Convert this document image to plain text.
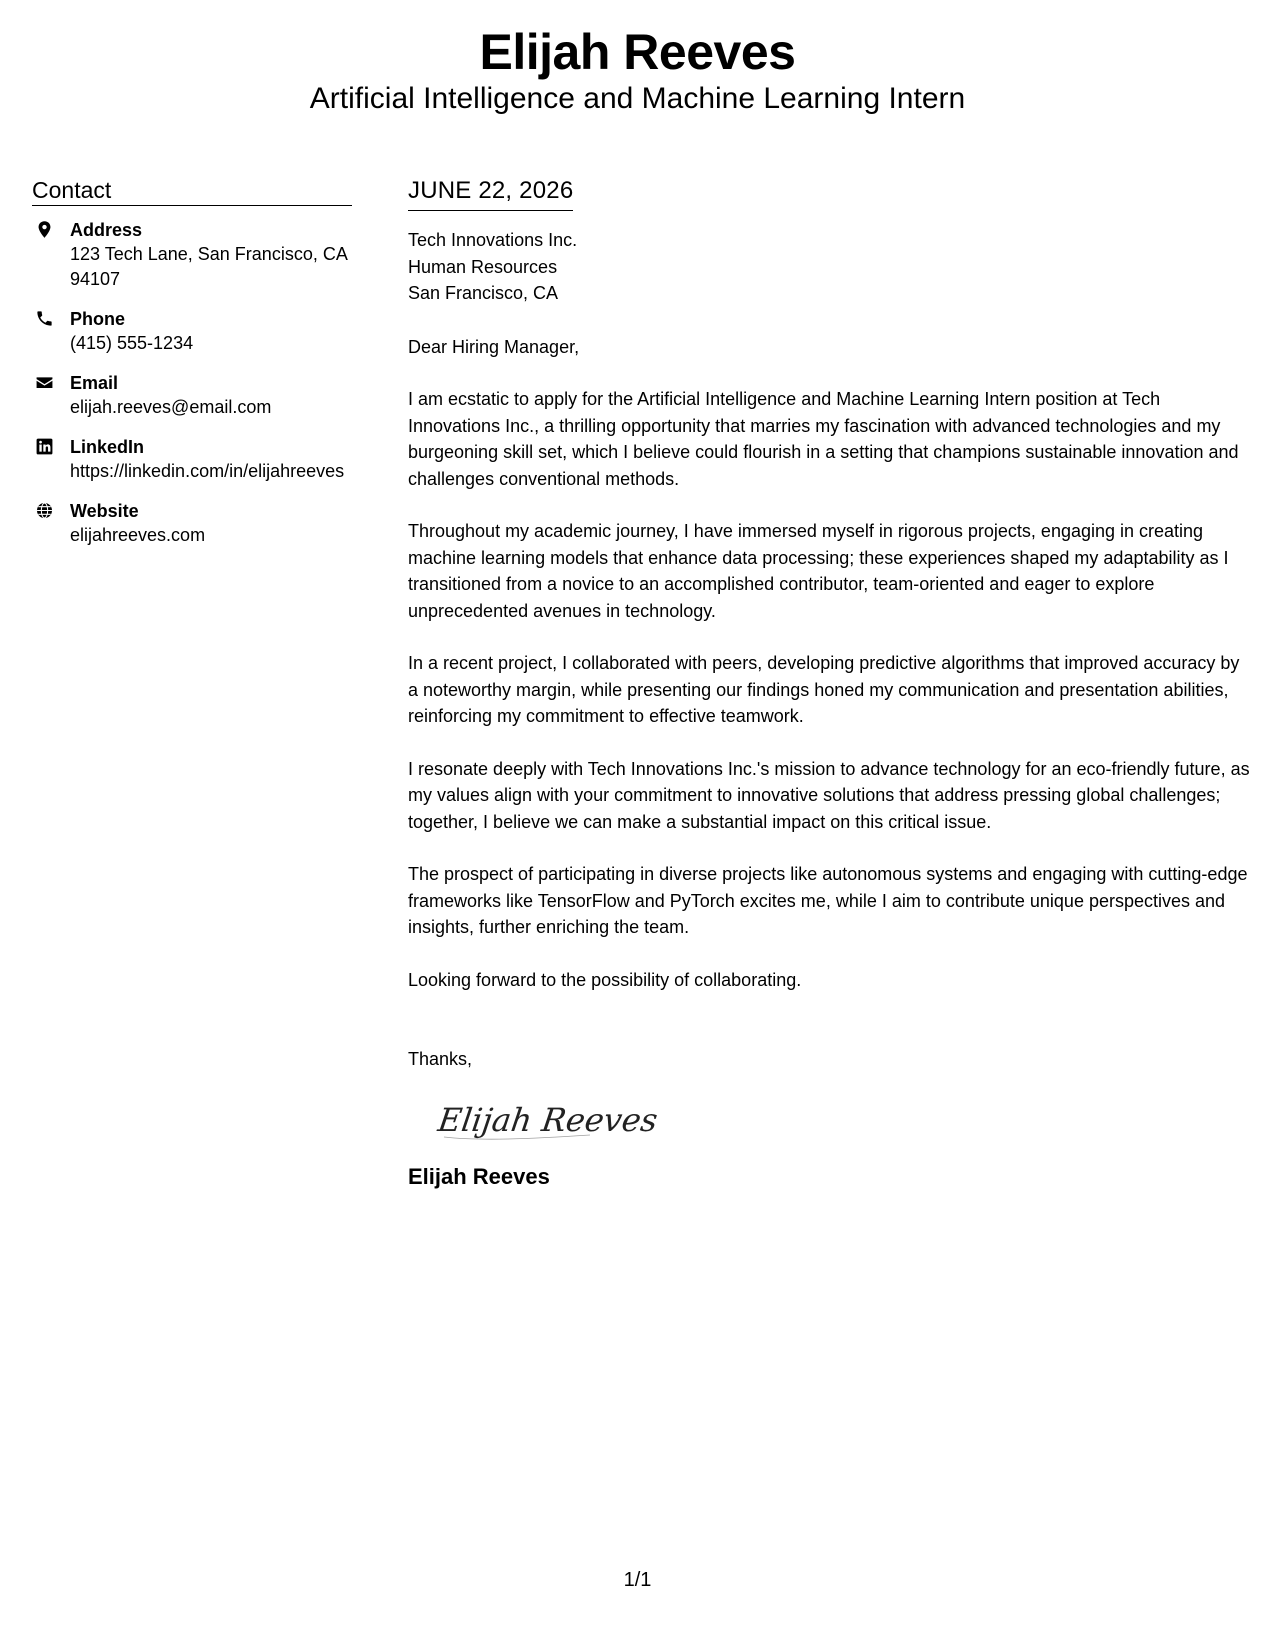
Elijah Reeves
Artificial Intelligence and Machine Learning Intern
Contact
Address
123 Tech Lane, San Francisco, CA 94107
Phone
(415) 555-1234
Email
elijah.reeves@email.com
LinkedIn
https://linkedin.com/in/elijahreeves
Website
elijahreeves.com
JUNE 22, 2026
Tech Innovations Inc.
Human Resources
San Francisco, CA
Dear Hiring Manager,

I am ecstatic to apply for the Artificial Intelligence and Machine Learning Intern position at Tech Innovations Inc., a thrilling opportunity that marries my fascination with advanced technologies and my burgeoning skill set, which I believe could flourish in a setting that champions sustainable innovation and challenges conventional methods.

Throughout my academic journey, I have immersed myself in rigorous projects, engaging in creating machine learning models that enhance data processing; these experiences shaped my adaptability as I transitioned from a novice to an accomplished contributor, team-oriented and eager to explore unprecedented avenues in technology.

In a recent project, I collaborated with peers, developing predictive algorithms that improved accuracy by a noteworthy margin, while presenting our findings honed my communication and presentation abilities, reinforcing my commitment to effective teamwork.

I resonate deeply with Tech Innovations Inc.'s mission to advance technology for an eco-friendly future, as my values align with your commitment to innovative solutions that address pressing global challenges; together, I believe we can make a substantial impact on this critical issue.

The prospect of participating in diverse projects like autonomous systems and engaging with cutting-edge frameworks like TensorFlow and PyTorch excites me, while I aim to contribute unique perspectives and insights, further enriching the team.

Looking forward to the possibility of collaborating.

Thanks,
Elijah Reeves
Elijah Reeves
1/1
